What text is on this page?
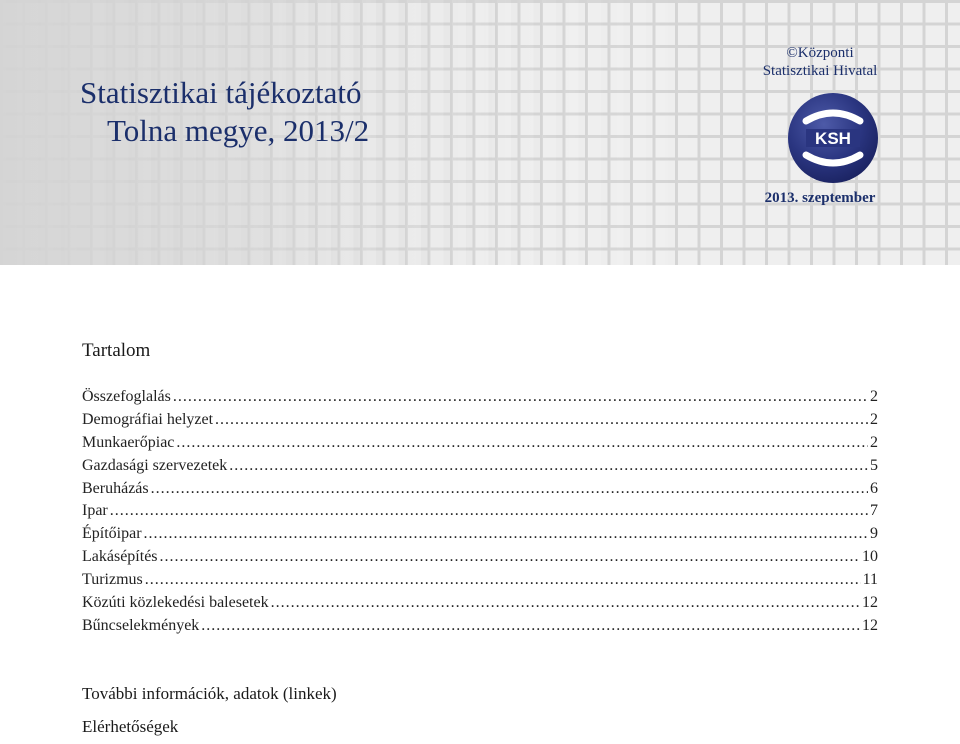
Statisztikai tájékoztató
Tolna megye, 2013/2
© Központi
Statisztikai Hivatal
KSH
2013. szeptember
Tartalom
Összefoglalás .....	2
Demográfiai helyzet .....	2
Munkaerőpiac .....	2
Gazdasági szervezetek .....	5
Beruházás .....	6
Ipar .....	7
Építőipar .....	9
Lakásépítés .....	10
Turizmus .....	11
Közúti közlekedési balesetek .....	12
Bűncselekmények .....	12
További információk, adatok (linkek)
Elérhetőségek
